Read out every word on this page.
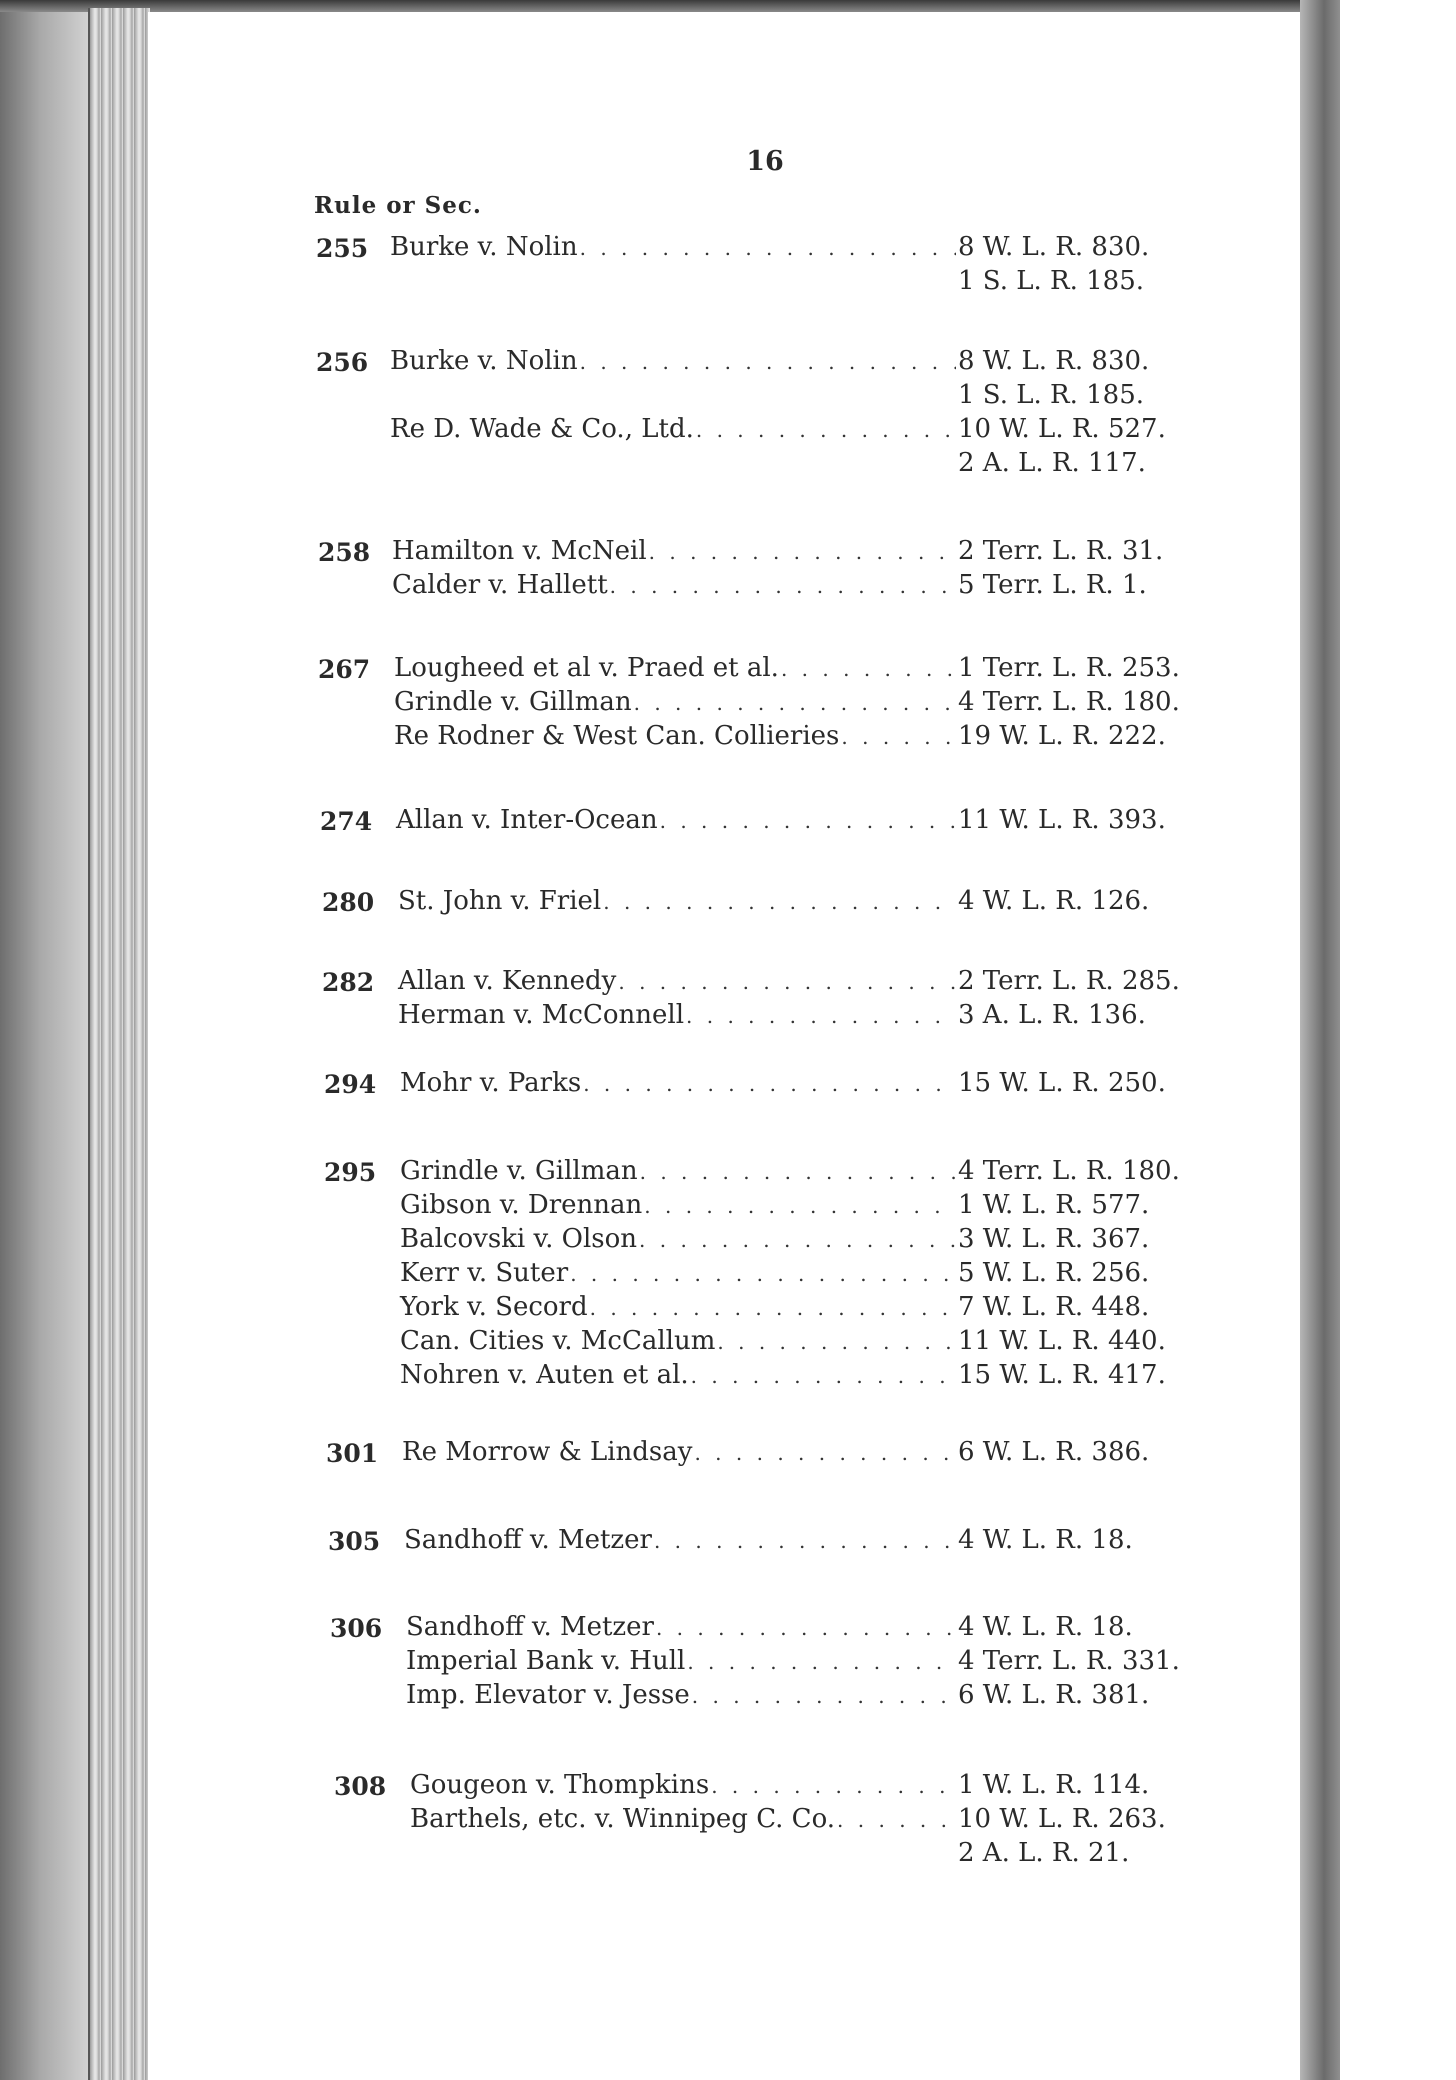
16
Rule or Sec.
255 Burke v. Nolin . . .	8 W. L. R. 830.
1 S. L. R. 185.
256 Burke v. Nolin . . .	8 W. L. R. 830.
1 S. L. R. 185.
Re D. Wade & Co., Ltd. . . .	10 W. L. R. 527.
2 A. L. R. 117.
258 Hamilton v. McNeil . . .	2 Terr. L. R. 31.
Calder v. Hallett . . .	5 Terr. L. R. 1.
267 Lougheed et al v. Praed et al. . . .	1 Terr. L. R. 253.
Grindle v. Gillman . . .	4 Terr. L. R. 180.
Re Rodner & West Can. Collieries . . .	19 W. L. R. 222.
274 Allan v. Inter-Ocean . . .	11 W. L. R. 393.
280 St. John v. Friel . . .	4 W. L. R. 126.
282 Allan v. Kennedy . . .	2 Terr. L. R. 285.
Herman v. McConnell . . .	3 A. L. R. 136.
294 Mohr v. Parks . . .	15 W. L. R. 250.
295 Grindle v. Gillman . . .	4 Terr. L. R. 180.
Gibson v. Drennan . . .	1 W. L. R. 577.
Balcovski v. Olson . . .	3 W. L. R. 367.
Kerr v. Suter . . .	5 W. L. R. 256.
York v. Secord . . .	7 W. L. R. 448.
Can. Cities v. McCallum . . .	11 W. L. R. 440.
Nohren v. Auten et al. . . .	15 W. L. R. 417.
301 Re Morrow & Lindsay . . .	6 W. L. R. 386.
305 Sandhoff v. Metzer . . .	4 W. L. R. 18.
306 Sandhoff v. Metzer . . .	4 W. L. R. 18.
Imperial Bank v. Hull . . .	4 Terr. L. R. 331.
Imp. Elevator v. Jesse . . .	6 W. L. R. 381.
308 Gougeon v. Thompkins . . .	1 W. L. R. 114.
Barthels, etc. v. Winnipeg C. Co. . . .	10 W. L. R. 263.
2 A. L. R. 21.
